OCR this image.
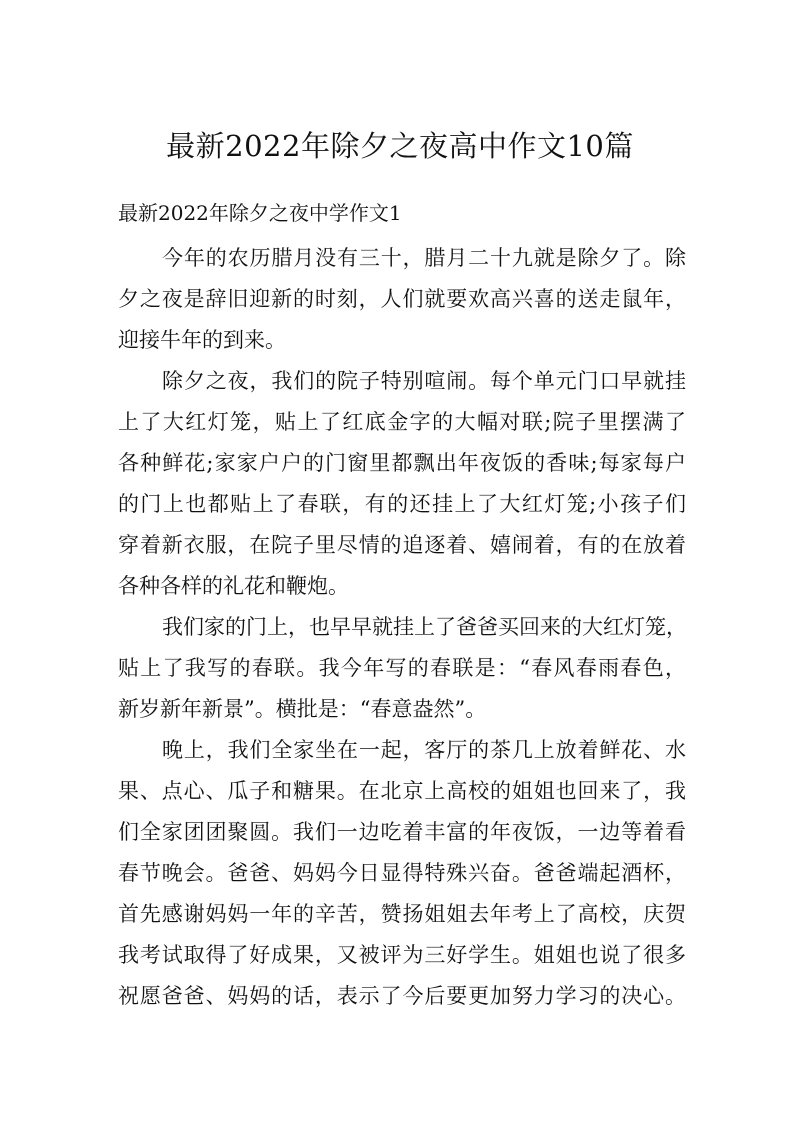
最新2022年除夕之夜高中作文10篇
最新2022年除夕之夜中学作文1
今年的农历腊月没有三十，腊月二十九就是除夕了。除
夕之夜是辞旧迎新的时刻，人们就要欢高兴喜的送走鼠年，
迎接牛年的到来。
除夕之夜，我们的院子特别喧闹。每个单元门口早就挂
上了大红灯笼，贴上了红底金字的大幅对联;院子里摆满了
各种鲜花;家家户户的门窗里都飘出年夜饭的香味;每家每户
的门上也都贴上了春联，有的还挂上了大红灯笼;小孩子们
穿着新衣服，在院子里尽情的追逐着、嬉闹着，有的在放着
各种各样的礼花和鞭炮。
我们家的门上，也早早就挂上了爸爸买回来的大红灯笼，
贴上了我写的春联。我今年写的春联是：“春风春雨春色，
新岁新年新景”。横批是：“春意盎然”。
晚上，我们全家坐在一起，客厅的茶几上放着鲜花、水
果、点心、瓜子和糖果。在北京上高校的姐姐也回来了，我
们全家团团聚圆。我们一边吃着丰富的年夜饭，一边等着看
春节晚会。爸爸、妈妈今日显得特殊兴奋。爸爸端起酒杯，
首先感谢妈妈一年的辛苦，赞扬姐姐去年考上了高校，庆贺
我考试取得了好成果，又被评为三好学生。姐姐也说了很多
祝愿爸爸、妈妈的话，表示了今后要更加努力学习的决心。
